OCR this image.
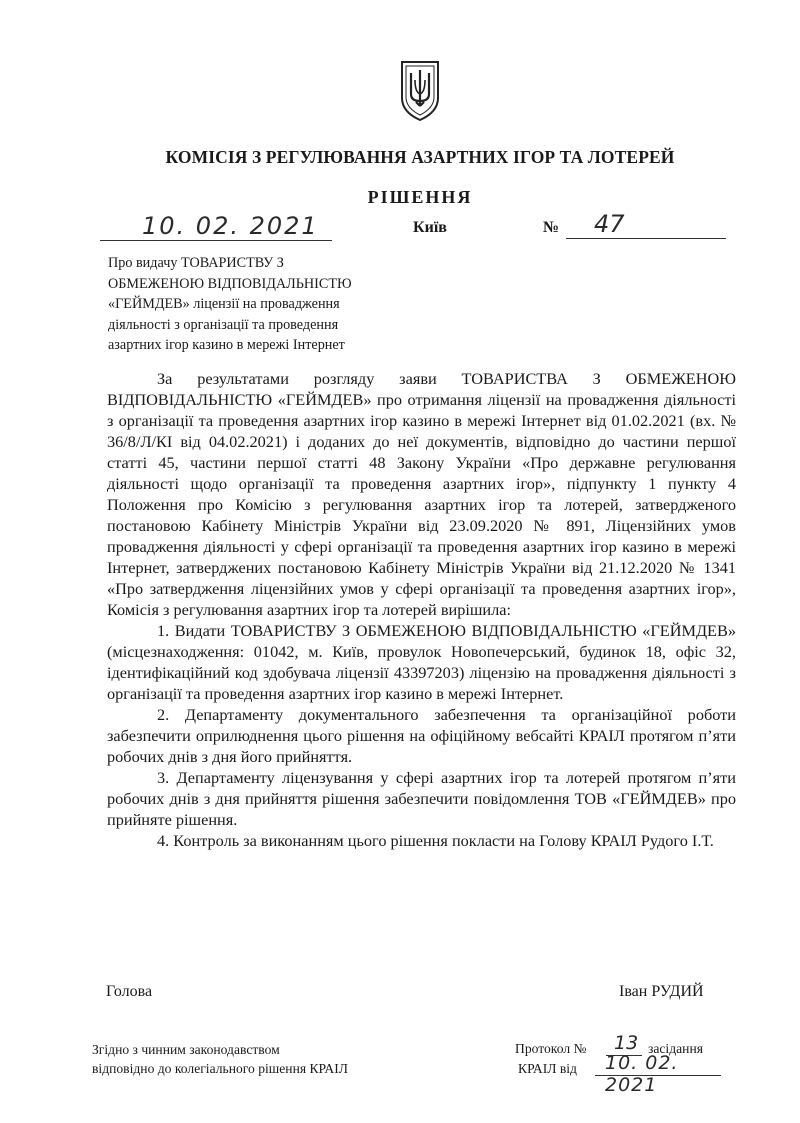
КОМІСІЯ З РЕГУЛЮВАННЯ АЗАРТНИХ ІГОР ТА ЛОТЕРЕЙ
РІШЕННЯ
10. 02. 2021	Київ	№ 47
Про видачу ТОВАРИСТВУ З
ОБМЕЖЕНОЮ ВІДПОВІДАЛЬНІСТЮ
«ГЕЙМДЕВ» ліцензії на провадження
діяльності з організації та проведення
азартних ігор казино в мережі Інтернет

За результатами розгляду заяви ТОВАРИСТВА З ОБМЕЖЕНОЮ ВІДПОВІДАЛЬНІСТЮ «ГЕЙМДЕВ» про отримання ліцензії на провадження діяльності з організації та проведення азартних ігор казино в мережі Інтернет від 01.02.2021 (вх. № 36/8/Л/КІ від 04.02.2021) і доданих до неї документів, відповідно до частини першої статті 45, частини першої статті 48 Закону України «Про державне регулювання діяльності щодо організації та проведення азартних ігор», підпункту 1 пункту 4 Положення про Комісію з регулювання азартних ігор та лотерей, затвердженого постановою Кабінету Міністрів України від 23.09.2020 № 891, Ліцензійних умов провадження діяльності у сфері організації та проведення азартних ігор казино в мережі Інтернет, затверджених постановою Кабінету Міністрів України від 21.12.2020 № 1341 «Про затвердження ліцензійних умов у сфері організації та проведення азартних ігор», Комісія з регулювання азартних ігор та лотерей вирішила:

1. Видати ТОВАРИСТВУ З ОБМЕЖЕНОЮ ВІДПОВІДАЛЬНІСТЮ «ГЕЙМДЕВ» (місцезнаходження: 01042, м. Київ, провулок Новопечерський, будинок 18, офіс 32, ідентифікаційний код здобувача ліцензії 43397203) ліцензію на провадження діяльності з організації та проведення азартних ігор казино в мережі Інтернет.

2. Департаменту документального забезпечення та організаційної роботи забезпечити оприлюднення цього рішення на офіційному вебсайті КРАІЛ протягом п’яти робочих днів з дня його прийняття.

3. Департаменту ліцензування у сфері азартних ігор та лотерей протягом п’яти робочих днів з дня прийняття рішення забезпечити повідомлення ТОВ «ГЕЙМДЕВ» про прийняте рішення.

4. Контроль за виконанням цього рішення покласти на Голову КРАІЛ Рудого І.Т.

Голова	Іван РУДИЙ
Згідно з чинним законодавством
відповідно до колегіального рішення КРАІЛ
Протокол № 13 засідання
КРАІЛ від 10. 02. 2021
